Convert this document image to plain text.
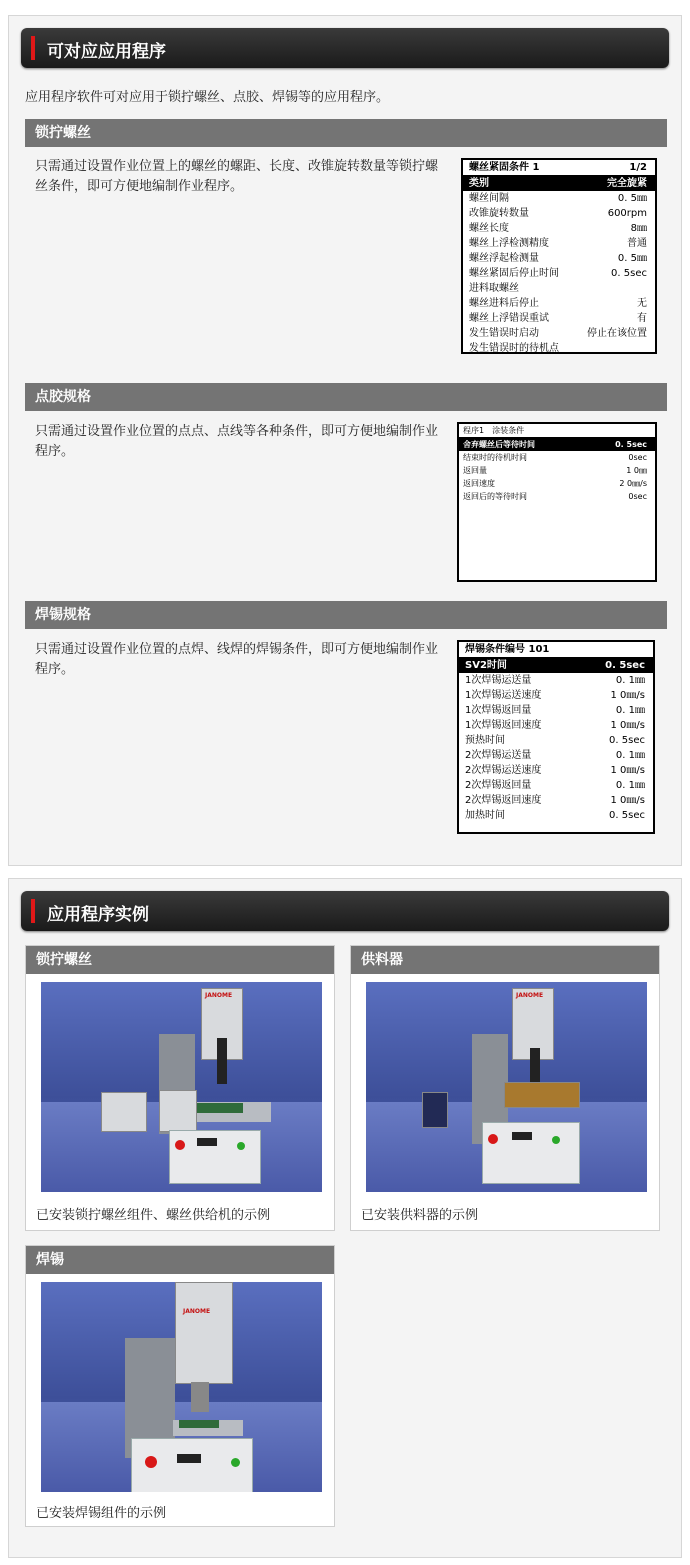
可对应应用程序
应用程序软件可对应用于锁拧螺丝、点胶、焊锡等的应用程序。
锁拧螺丝
只需通过设置作业位置上的螺丝的螺距、长度、改锥旋转数量等锁拧螺丝条件，即可方便地编制作业程序。
螺丝紧固条件 1	1/2
类别	完全旋紧
螺丝间隔	0. 5㎜
改锥旋转数量	600rpm
螺丝长度	8㎜
螺丝上浮检测精度	普通
螺丝浮起检测量	0. 5㎜
螺丝紧固后停止时间	0. 5sec
进料取螺丝
螺丝进料后停止	无
螺丝上浮错误重试	有
发生错误时启动	停止在该位置
发生错误时的待机点
点胶规格
只需通过设置作业位置的点点、点线等各种条件，即可方便地编制作业程序。
程序1　涂装条件
舍弃螺丝后等待时间	0. 5sec
结束时的待机时间	0sec
返回量	1 0㎜
返回速度	2 0㎜/s
返回后的等待时间	0sec
焊锡规格
只需通过设置作业位置的点焊、线焊的焊锡条件，即可方便地编制作业程序。
焊锡条件编号 101
SV2时间	0. 5sec
1次焊锡运送量	0. 1㎜
1次焊锡运送速度	1 0㎜/s
1次焊锡返回量	0. 1㎜
1次焊锡返回速度	1 0㎜/s
预热时间	0. 5sec
2次焊锡运送量	0. 1㎜
2次焊锡运送速度	1 0㎜/s
2次焊锡返回量	0. 1㎜
2次焊锡返回速度	1 0㎜/s
加热时间	0. 5sec
应用程序实例
锁拧螺丝
JANOME
已安装锁拧螺丝组件、螺丝供给机的示例
供料器
JANOME
已安装供料器的示例
焊锡
JANOME
已安装焊锡组件的示例
